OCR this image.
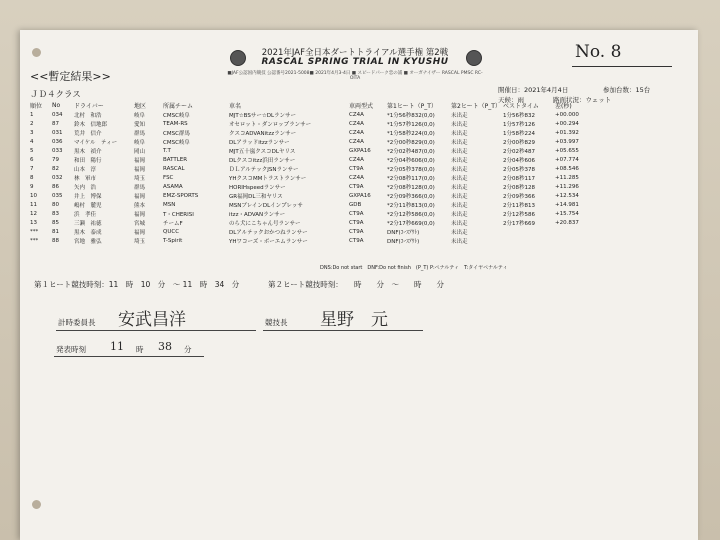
2021年JAF全日本ダートトライアル選手権 第2戦
RASCAL SPRING TRIAL IN KYUSHU
■JAF公認国内競技 公認番号2021-5008■ 2021年4月3-4日 ■ スピードパーク恋の浦 ■ オーガナイザー RASCAL PMSC RC-OITA
No. 8
<<暫定結果>>
開催日：2021年4月4日	参加台数：15台
天候：雨	路面状況：ウェット
ＪＤ４クラス
順位	No	ドライバー	地区	所属チーム	車名	車両型式	第1ヒート（P_T）	第2ヒート（P_T）	ベストタイム	差(秒)
1	034	北村　和浩	岐阜	CMSC岐阜	MJT☆BSサー☆DLランサー	CZ4A	*1分56秒832(0,0)	未出走	1分56秒832	+00.000
2	87	鈴木　信地郎	愛知	TEAM-RS	オセロット・ダンロップランサー	CZ4A	*1分57秒126(0,0)	未出走	1分57秒126	+00.294
3	031	荒井　信介	群馬	CMSC群馬	クスコADVANitzzランサー	CZ4A	*1分58秒224(0,0)	未出走	1分58秒224	+01.392
4	036	マイケル　ティー	岐阜	CMSC岐阜	DLアラッドitzzランサー	CZ4A	*2分00秒829(0,0)	未出走	2分00秒829	+03.997
5	033	黒木　禎介	岡山	T.T	MJT五十嵐クスコDLヤリス	GXPA16	*2分02秒487(0,0)	未出走	2分02秒487	+05.655
6	79	和田　陽行	福岡	BATTLER	DLクスコitzz浜田ランサー	CZ4A	*2分04秒606(0,0)	未出走	2分04秒606	+07.774
7	82	山本　淳	福岡	RASCAL	ＤＬアルテックJSNランサー	CT9A	*2分05秒378(0,0)	未出走	2分05秒378	+08.546
8	032	林　軍市	埼玉	FSC	YHクスコMMトラストランサー	CZ4A	*2分08秒117(0,0)	未出走	2分08秒117	+11.285
9	86	矢内　浩	群馬	ASAMA	HORIHspeedランサー	CT9A	*2分08秒128(0,0)	未出走	2分08秒128	+11.296
10	035	井上　博保	福岡	EMZ-SPORTS	GR福岡DL三和ヤリス	GXPA16	*2分09秒366(0,0)	未出走	2分09秒366	+12.534
11	80	嶋村　麓児	熊本	MSN	MSNブレインDLインプレッサ	GDB	*2分11秒813(0,0)	未出走	2分11秒813	+14.981
12	83	浜　孝佳	福岡	T・CHERISI	itzz・ADVANランサー	CT9A	*2分12秒586(0,0)	未出走	2分12秒586	+15.754
13	85	三瀬　祐徳	宮城	チームF	のら犬にこちゃん号ランサー	CT9A	*2分17秒669(0,0)	未出走	2分17秒669	+20.837
***	81	黒木　泰成	福岡	QUCC	DLアルテックおかつねランサー	CT9A	DNF(ｺｰｽｱｳﾄ)	未出走		
***	88	宮地　雅弘	埼玉	T-Spirit	YHワコーズ・ボーエムランサー	CT9A	DNF(ｺｰｽｱｳﾄ)	未出走		
DNS:Do not start　DNF:Do not finish　(P_T) P:ペナルティ　T:タイヤペナルティ
第１ヒート競技時刻：11　時　10　分　～ 11　時　34　分	第２ヒート競技時刻：　　時　　分　～　　時　　分
計時委員長 安武昌洋	競技長 星野　元
発表時刻 11 時 38 分
